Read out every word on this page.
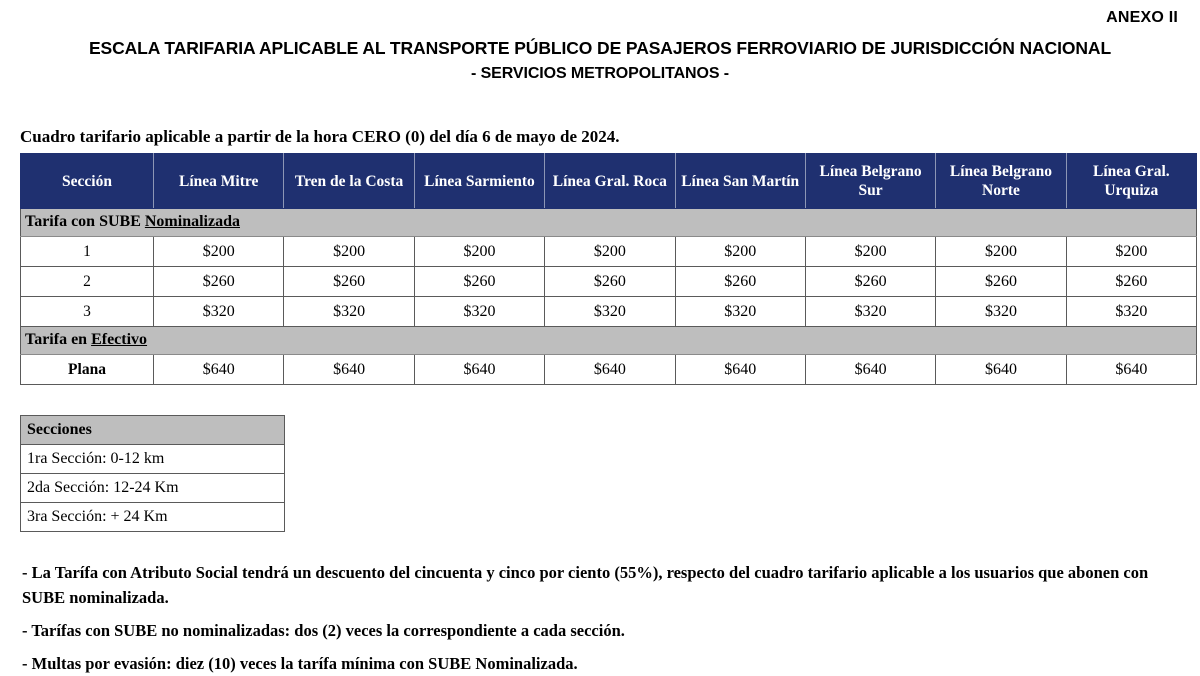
ANEXO II
ESCALA TARIFARIA APLICABLE AL TRANSPORTE PÚBLICO DE PASAJEROS FERROVIARIO DE JURISDICCIÓN NACIONAL
- SERVICIOS METROPOLITANOS -
Cuadro tarifario aplicable a partir de la hora CERO (0) del día 6 de mayo de 2024.
Sección	Línea Mitre	Tren de la Costa	Línea Sarmiento	Línea Gral. Roca	Línea San Martín	Línea Belgrano Sur	Línea Belgrano Norte	Línea Gral. Urquiza
Tarifa con SUBE Nominalizada								
1	$200	$200	$200	$200	$200	$200	$200	$200
2	$260	$260	$260	$260	$260	$260	$260	$260
3	$320	$320	$320	$320	$320	$320	$320	$320
Tarifa en Efectivo								
Plana	$640	$640	$640	$640	$640	$640	$640	$640
Secciones
1ra Sección: 0-12 km
2da Sección: 12-24 Km
3ra Sección: + 24 Km
- La Tarífa con Atributo Social tendrá un descuento del cincuenta y cinco por ciento (55%), respecto del cuadro tarifario aplicable a los usuarios que abonen con SUBE nominalizada.
- Tarífas con SUBE no nominalizadas: dos (2) veces la correspondiente a cada sección.
- Multas por evasión: diez (10) veces la tarífa mínima con SUBE Nominalizada.
